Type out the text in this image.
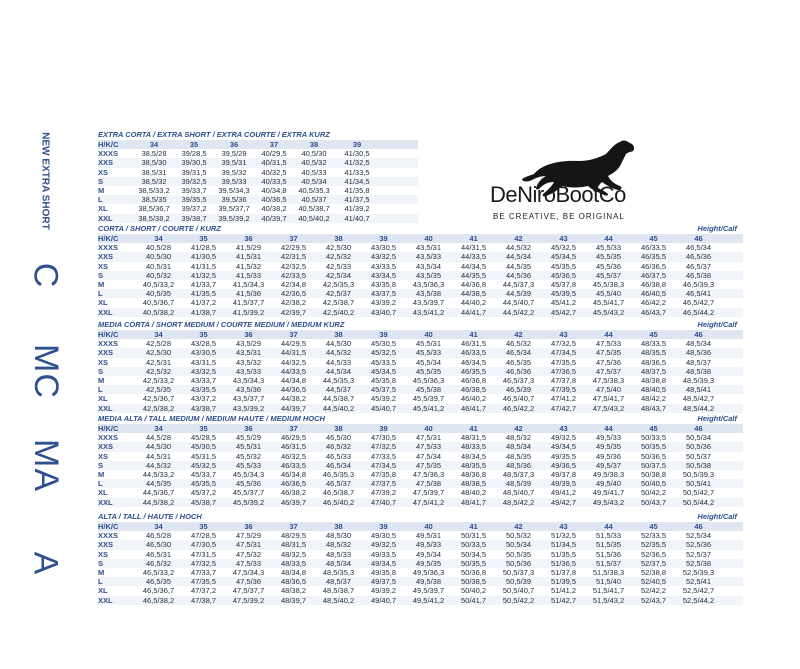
EXTRA CORTA / EXTRA SHORT / EXTRA COURTE / EXTRA KURZ
NEW EXTRA SHORT	H/K/C	34	35	36	37	38	39
XXXS	38,5/28	39/28,5	39,5/29	40/29,5	40,5/30	41/30,5
XXS	38,5/30	39/30,5	39,5/31	40/31,5	40,5/32	41/32,5
XS	38,5/31	39/31,5	39,5/32	40/32,5	40,5/33	41/33,5
S	38,5/32	39/32,5	39,5/33	40/33,5	40,5/34	41/34,5
M	38,5/33,2	39/33,7	39,5/34,3	40/34,8	40,5/35,3	41/35,8
L	38,5/35	39/35,5	39,5/36	40/36,5	40,5/37	41/37,5
XL	38,5/36,7	39/37,2	39,5/37,7	40/38,2	40,5/38,7	41/39,2
XXL	38,5/38,2	39/38,7	39,5/39,2	40/39,7	40,5/40,2	41/40,7
CORTA / SHORT / COURTE / KURZ	Height/Calf
C
H/K/C	34	35	36	37	38	39	40	41	42	43	44	45	46
XXXS	40,5/28	41/28,5	41,5/29	42/29,5	42,5/30	43/30,5	43,5/31	44/31,5	44,5/32	45/32,5	45,5/33	46/33,5	46,5/34
XXS	40,5/30	41/30,5	41,5/31	42/31,5	42,5/32	43/32,5	43,5/33	44/33,5	44,5/34	45/34,5	45,5/35	46/35,5	46,5/36
XS	40,5/31	41/31,5	41,5/32	42/32,5	42,5/33	43/33,5	43,5/34	44/34,5	44,5/35	45/35,5	45,5/36	46/36,5	46,5/37
S	40,5/32	41/32,5	41,5/33	42/33,5	42,5/34	43/34,5	43,5/35	44/35,5	44,5/36	45/36,5	45,5/37	46/37,5	46,5/38
M	40,5/33,2	41/33,7	41,5/34,3	42/34,8	42,5/35,3	43/35,8	43,5/36,3	44/36,8	44,5/37,3	45/37,8	45,5/38,3	46/38,8	46,5/39,3
L	40,5/35	41/35,5	41,5/36	42/36,5	42,5/37	43/37,5	43,5/38	44/38,5	44,5/39	45/39,5	45,5/40	46/40,5	46,5/41
XL	40,5/36,7	41/37,2	41,5/37,7	42/38,2	42,5/38,7	43/39,2	43,5/39,7	44/40,2	44,5/40,7	45/41,2	45,5/41,7	46/42,2	46,5/42,7
XXL	40,5/38,2	41/38,7	41,5/39,2	42/39,7	42,5/40,2	43/40,7	43,5/41,2	44/41,7	44,5/42,2	45/42,7	45,5/43,2	46/43,7	46,5/44,2
MEDIA CORTA / SHORT MEDIUM / COURTE MEDIUM / MEDIUM KURZ	Height/Calf
MC
H/K/C	34	35	36	37	38	39	40	41	42	43	44	45	46
XXXS	42,5/28	43/28,5	43,5/29	44/29,5	44,5/30	45/30,5	45,5/31	46/31,5	46,5/32	47/32,5	47,5/33	48/33,5	48,5/34
XXS	42,5/30	43/30,5	43,5/31	44/31,5	44,5/32	45/32,5	45,5/33	46/33,5	46,5/34	47/34,5	47,5/35	48/35,5	48,5/36
XS	42,5/31	43/31,5	43,5/32	44/32,5	44,5/33	45/33,5	45,5/34	46/34,5	46,5/35	47/35,5	47,5/36	48/36,5	48,5/37
S	42,5/32	43/32,5	43,5/33	44/33,5	44,5/34	45/34,5	45,5/35	46/35,5	46,5/36	47/36,5	47,5/37	48/37,5	48,5/38
M	42,5/33,2	43/33,7	43,5/34,3	44/34,8	44,5/35,3	45/35,8	45,5/36,3	46/36,8	46,5/37,3	47/37,8	47,5/38,3	48/38,8	48,5/39,3
L	42,5/35	43/35,5	43,5/36	44/36,5	44,5/37	45/37,5	45,5/38	46/38,5	46,5/39	47/39,5	47,5/40	48/40,5	48,5/41
XL	42,5/36,7	43/37,2	43,5/37,7	44/38,2	44,5/38,7	45/39,2	45,5/39,7	46/40,2	46,5/40,7	47/41,2	47,5/41,7	48/42,2	48,5/42,7
XXL	42,5/38,2	43/38,7	43,5/39,2	44/39,7	44,5/40,2	45/40,7	45,5/41,2	46/41,7	46,5/42,2	47/42,7	47,5/43,2	48/43,7	48,5/44,2
MEDIA ALTA / TALL MEDIUM / MEDIUM HAUTE / MEDIUM HOCH	Height/Calf
MA
H/K/C	34	35	36	37	38	39	40	41	42	43	44	45	46
XXXS	44,5/28	45/28,5	45,5/29	46/29,5	46,5/30	47/30,5	47,5/31	48/31,5	48,5/32	49/32,5	49,5/33	50/33,5	50,5/34
XXS	44,5/30	45/30,5	45,5/31	46/31,5	46,5/32	47/32,5	47,5/33	48/33,5	48,5/34	49/34,5	49,5/35	50/35,5	50,5/36
XS	44,5/31	45/31,5	45,5/32	46/32,5	46,5/33	47/33,5	47,5/34	48/34,5	48,5/35	49/35,5	49,5/36	50/36,5	50,5/37
S	44,5/32	45/32,5	45,5/33	46/33,5	46,5/34	47/34,5	47,5/35	48/35,5	48,5/36	49/36,5	49,5/37	50/37,5	50,5/38
M	44,5/33,2	45/33,7	45,5/34,3	46/34,8	46,5/35,3	47/35,8	47,5/36,3	48/36,8	48,5/37,3	49/37,8	49,5/38,3	50/38,8	50,5/39,3
L	44,5/35	45/35,5	45,5/36	46/36,5	46,5/37	47/37,5	47,5/38	48/38,5	48,5/39	49/39,5	49,5/40	50/40,5	50,5/41
XL	44,5/36,7	45/37,2	45,5/37,7	46/38,2	46,5/38,7	47/39,2	47,5/39,7	48/40,2	48,5/40,7	49/41,2	49,5/41,7	50/42,2	50,5/42,7
XXL	44,5/38,2	45/38,7	45,5/39,2	46/39,7	46,5/40,2	47/40,7	47,5/41,2	48/41,7	48,5/42,2	49/42,7	49,5/43,2	50/43,7	50,5/44,2
ALTA / TALL / HAUTE / HOCH	Height/Calf
A
H/K/C	34	35	36	37	38	39	40	41	42	43	44	45	46
XXXS	46,5/28	47/28,5	47,5/29	48/29,5	48,5/30	49/30,5	49,5/31	50/31,5	50,5/32	51/32,5	51,5/33	52/33,5	52,5/34
XXS	46,5/30	47/30,5	47,5/31	48/31,5	48,5/32	49/32,5	49,5/33	50/33,5	50,5/34	51/34,5	51,5/35	52/35,5	52,5/36
XS	46,5/31	47/31,5	47,5/32	48/32,5	48,5/33	49/33,5	49,5/34	50/34,5	50,5/35	51/35,5	51,5/36	52/36,5	52,5/37
S	46,5/32	47/32,5	47,5/33	48/33,5	48,5/34	49/34,5	49,5/35	50/35,5	50,5/36	51/36,5	51,5/37	52/37,5	52,5/38
M	46,5/33,2	47/33,7	47,5/34,3	48/34,8	48,5/35,3	49/35,8	49,5/36,3	50/36,8	50,5/37,3	51/37,8	51,5/38,3	52/38,8	52,5/39,3
L	46,5/35	47/35,5	47,5/36	48/36,5	48,5/37	49/37,5	49,5/38	50/38,5	50,5/39	51/39,5	51,5/40	52/40,5	52,5/41
XL	46,5/36,7	47/37,2	47,5/37,7	48/38,2	48,5/38,7	49/39,2	49,5/39,7	50/40,2	50,5/40,7	51/41,2	51,5/41,7	52/42,2	52,5/42,7
XXL	46,5/38,2	47/38,7	47,5/39,2	48/39,7	48,5/40,2	49/40,7	49,5/41,2	50/41,7	50,5/42,2	51/42,7	51,5/43,2	52/43,7	52,5/44,2
DeNiroBootCo
BE CREATIVE, BE ORIGINAL
